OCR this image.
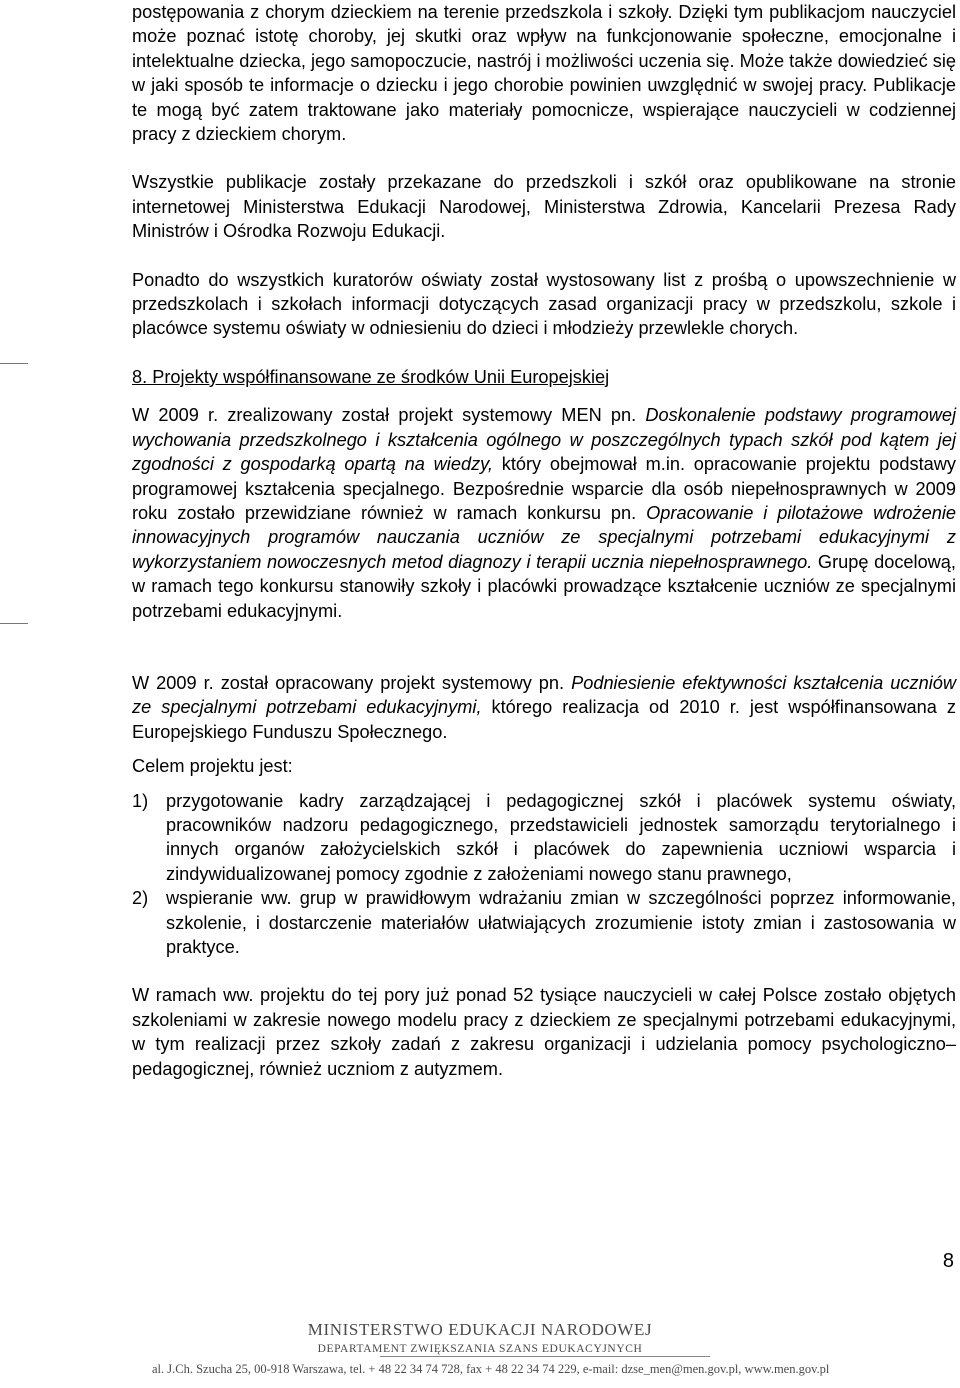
postępowania z chorym dzieckiem na terenie przedszkola i szkoły. Dzięki tym publikacjom nauczyciel może poznać istotę choroby, jej skutki oraz wpływ na funkcjonowanie społeczne, emocjonalne i intelektualne dziecka, jego samopoczucie, nastrój i możliwości uczenia się. Może także dowiedzieć się w jaki sposób te informacje o dziecku i jego chorobie powinien uwzględnić w swojej pracy. Publikacje te mogą być zatem traktowane jako materiały pomocnicze, wspierające nauczycieli w codziennej pracy z dzieckiem chorym.

Wszystkie publikacje zostały przekazane do przedszkoli i szkół oraz opublikowane na stronie internetowej Ministerstwa Edukacji Narodowej, Ministerstwa Zdrowia, Kancelarii Prezesa Rady Ministrów i Ośrodka Rozwoju Edukacji.

Ponadto do wszystkich kuratorów oświaty został wystosowany list z prośbą o upowszechnienie w przedszkolach i szkołach informacji dotyczących zasad organizacji pracy w przedszkolu, szkole i placówce systemu oświaty w odniesieniu do dzieci i młodzieży przewlekle chorych.

8. Projekty współfinansowane ze środków Unii Europejskiej

W 2009 r. zrealizowany został projekt systemowy MEN pn. Doskonalenie podstawy programowej wychowania przedszkolnego i kształcenia ogólnego w poszczególnych typach szkół pod kątem jej zgodności z gospodarką opartą na wiedzy, który obejmował m.in. opracowanie projektu podstawy programowej kształcenia specjalnego. Bezpośrednie wsparcie dla osób niepełnosprawnych w 2009 roku zostało przewidziane również w ramach konkursu pn. Opracowanie i pilotażowe wdrożenie innowacyjnych programów nauczania uczniów ze specjalnymi potrzebami edukacyjnymi z wykorzystaniem nowoczesnych metod diagnozy i terapii ucznia niepełnosprawnego. Grupę docelową, w ramach tego konkursu stanowiły szkoły i placówki prowadzące kształcenie uczniów ze specjalnymi potrzebami edukacyjnymi.

W 2009 r. został opracowany projekt systemowy pn. Podniesienie efektywności kształcenia uczniów ze specjalnymi potrzebami edukacyjnymi, którego realizacja od 2010 r. jest współfinansowana z Europejskiego Funduszu Społecznego.

Celem projektu jest:

1) przygotowanie kadry zarządzającej i pedagogicznej szkół i placówek systemu oświaty, pracowników nadzoru pedagogicznego, przedstawicieli jednostek samorządu terytorialnego i innych organów założycielskich szkół i placówek do zapewnienia uczniowi wsparcia i zindywidualizowanej pomocy zgodnie z założeniami nowego stanu prawnego,
2) wspieranie ww. grup w prawidłowym wdrażaniu zmian w szczególności poprzez informowanie, szkolenie, i dostarczenie materiałów ułatwiających zrozumienie istoty zmian i zastosowania w praktyce.

W ramach ww. projektu do tej pory już ponad 52 tysiące nauczycieli w całej Polsce zostało objętych szkoleniami w zakresie nowego modelu pracy z dzieckiem ze specjalnymi potrzebami edukacyjnymi, w tym realizacji przez szkoły zadań z zakresu organizacji i udzielania pomocy psychologiczno–pedagogicznej, również uczniom z autyzmem.

8
MINISTERSTWO EDUKACJI NARODOWEJ
DEPARTAMENT ZWIĘKSZANIA SZANS EDUKACYJNYCH
al. J.Ch. Szucha 25, 00-918 Warszawa, tel. + 48 22 34 74 728, fax + 48 22 34 74 229, e-mail: dzse_men@men.gov.pl, www.men.gov.pl
